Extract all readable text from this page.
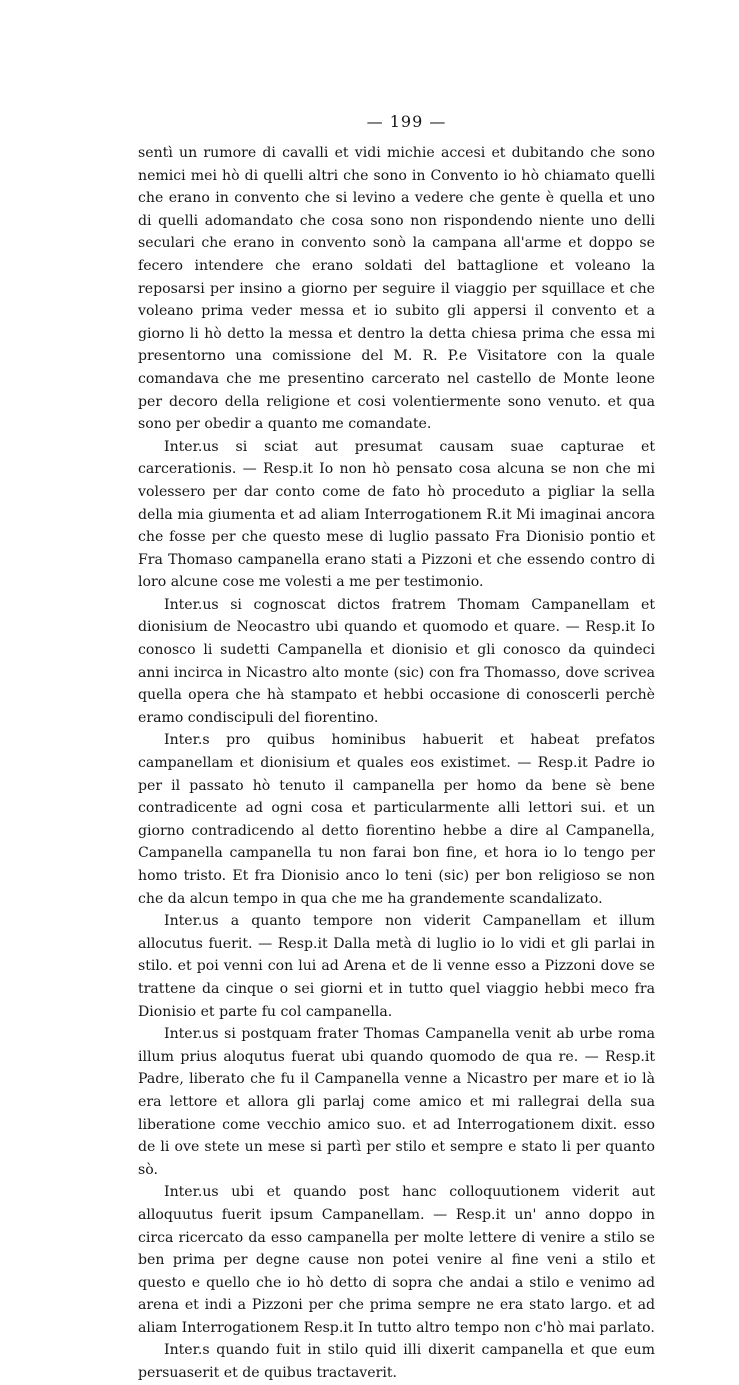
— 199 —

sentì un rumore di cavalli et vidi michie accesi et dubitando che sono nemici mei hò di quelli altri che sono in Convento io hò chiamato quelli che erano in convento che si levino a vedere che gente è quella et uno di quelli adomandato che cosa sono non rispondendo niente uno delli seculari che erano in convento sonò la campana all'arme et doppo se fecero intendere che erano soldati del battaglione et voleano la reposarsi per insino a giorno per seguire il viaggio per squillace et che voleano prima veder messa et io subito gli appersi il convento et a giorno li hò detto la messa et dentro la detta chiesa prima che essa mi presentorno una comissione del M. R. P.e Visitatore con la quale comandava che me presentino carcerato nel castello de Monte leone per decoro della religione et cosi volentiermente sono venuto. et qua sono per obedir a quanto me comandate.

Inter.us si sciat aut presumat causam suae capturae et carcerationis. — Resp.it Io non hò pensato cosa alcuna se non che mi volessero per dar conto come de fato hò proceduto a pigliar la sella della mia giumenta et ad aliam Interrogationem R.it Mi imaginai ancora che fosse per che questo mese di luglio passato Fra Dionisio pontio et Fra Thomaso campanella erano stati a Pizzoni et che essendo contro di loro alcune cose me volesti a me per testimonio.

Inter.us si cognoscat dictos fratrem Thomam Campanellam et dionisium de Neocastro ubi quando et quomodo et quare. — Resp.it Io conosco li sudetti Campanella et dionisio et gli conosco da quindeci anni incirca in Nicastro alto monte (sic) con fra Thomasso, dove scrivea quella opera che hà stampato et hebbi occasione di conoscerli perchè eramo condiscipuli del fiorentino.

Inter.s pro quibus hominibus habuerit et habeat prefatos campanellam et dionisium et quales eos existimet. — Resp.it Padre io per il passato hò tenuto il campanella per homo da bene sè bene contradicente ad ogni cosa et particularmente alli lettori sui. et un giorno contradicendo al detto fiorentino hebbe a dire al Campanella, Campanella campanella tu non farai bon fine, et hora io lo tengo per homo tristo. Et fra Dionisio anco lo teni (sic) per bon religioso se non che da alcun tempo in qua che me ha grandemente scandalizato.

Inter.us a quanto tempore non viderit Campanellam et illum allocutus fuerit. — Resp.it Dalla metà di luglio io lo vidi et gli parlai in stilo. et poi venni con lui ad Arena et de li venne esso a Pizzoni dove se trattene da cinque o sei giorni et in tutto quel viaggio hebbi meco fra Dionisio et parte fu col campanella.

Inter.us si postquam frater Thomas Campanella venit ab urbe roma illum prius aloqutus fuerat ubi quando quomodo de qua re. — Resp.it Padre, liberato che fu il Campanella venne a Nicastro per mare et io là era lettore et allora gli parlaj come amico et mi rallegrai della sua liberatione come vecchio amico suo. et ad Interrogationem dixit. esso de li ove stete un mese si partì per stilo et sempre e stato li per quanto sò.

Inter.us ubi et quando post hanc colloquutionem viderit aut alloquutus fuerit ipsum Campanellam. — Resp.it un' anno doppo in circa ricercato da esso campanella per molte lettere di venire a stilo se ben prima per degne cause non potei venire al fine veni a stilo et questo e quello che io hò detto di sopra che andai a stilo e venimo ad arena et indi a Pizzoni per che prima sempre ne era stato largo. et ad aliam Interrogationem Resp.it In tutto altro tempo non c'hò mai parlato.

Inter.s quando fuit in stilo quid illi dixerit campanella et que eum persuaserit et de quibus tractaverit.
